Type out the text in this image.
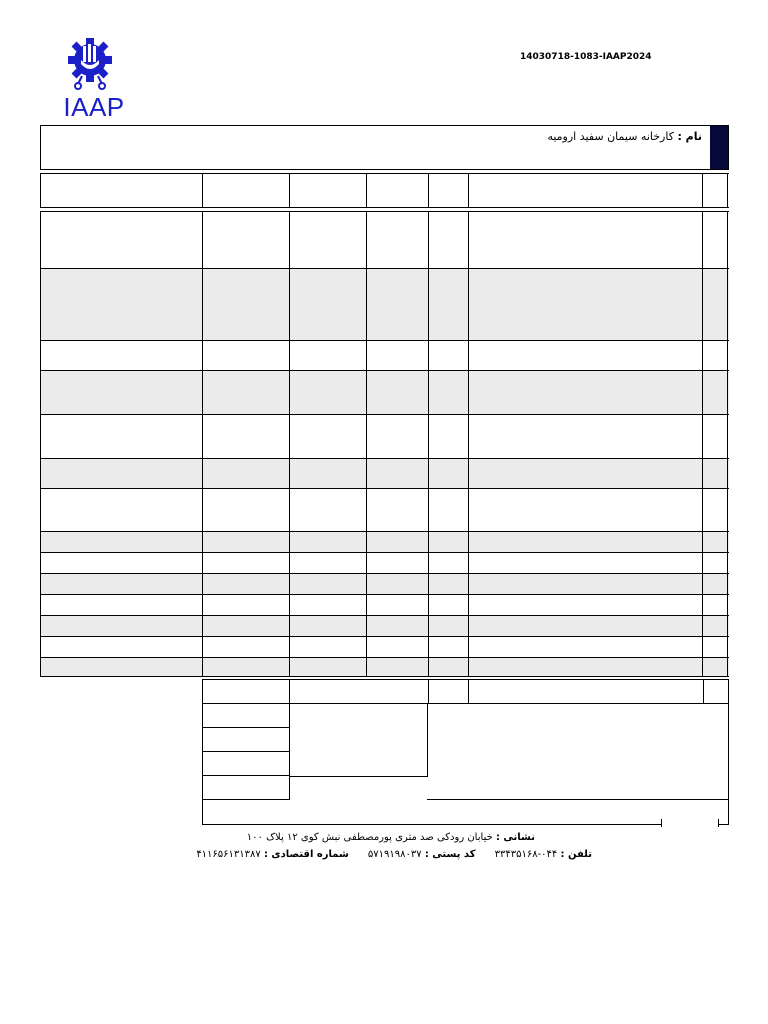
IAAP
14030718-1083-IAAP2024
نام : کارخانه سیمان سفید ارومیه
نشانی : خیابان رودکی صد متری پورمصطفی نبش کوی ۱۲ پلاک ۱۰۰
تلفن : ۰۴۴-۳۳۴۳۵۱۶۸      کد پستی : ۵۷۱۹۱۹۸۰۳۷      شماره اقتصادی : ۴۱۱۶۵۶۱۳۱۳۸۷
